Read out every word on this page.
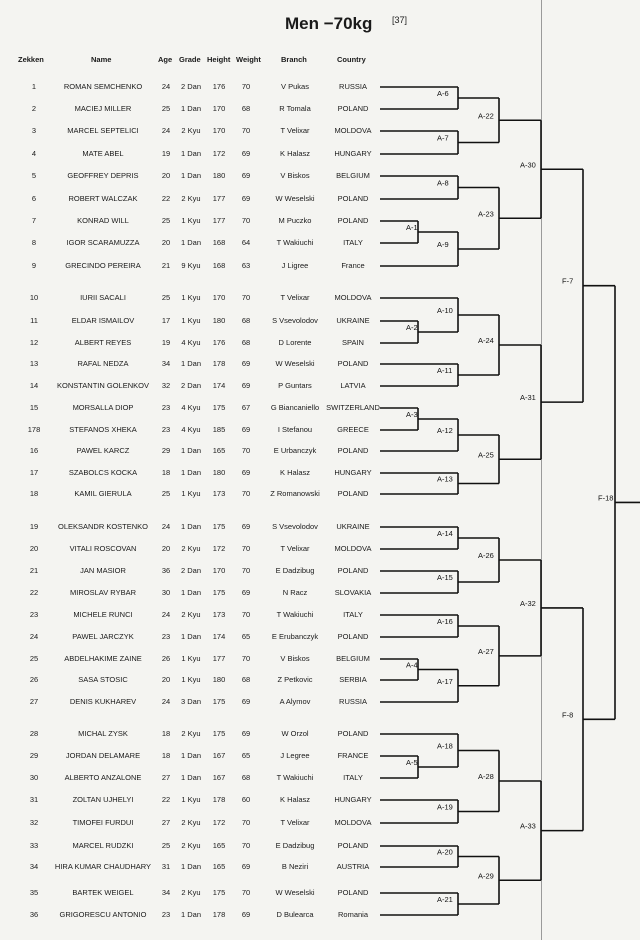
Men −70kg [37]
Zekken	Name	Age Grade Height Weight	Branch	Country
1	ROMAN SEMCHENKO	24	2 Dan	176	70	V Pukas	RUSSIA
2	MACIEJ MILLER	25	1 Dan	170	68	R Tomala	POLAND
3	MARCEL SEPTELICI	24	2 Kyu	170	70	T Velixar	MOLDOVA
4	MATE ABEL	19	1 Dan	172	69	K Halasz	HUNGARY
5	GEOFFREY DEPRIS	20	1 Dan	180	69	V Biskos	BELGIUM
6	ROBERT WALCZAK	22	2 Kyu	177	69	W Weselski	POLAND
7	KONRAD WILL	25	1 Kyu	177	70	M Puczko	POLAND
8	IGOR SCARAMUZZA	20	1 Dan	168	64	T Wakiuchi	ITALY
9	GRECINDO PEREIRA	21	9 Kyu	168	63	J Ligree	France
10	IURII SACALI	25	1 Kyu	170	70	T Velixar	MOLDOVA
11	ELDAR ISMAILOV	17	1 Kyu	180	68	S Vsevolodov	UKRAINE
12	ALBERT REYES	19	4 Kyu	176	68	D Lorente	SPAIN
13	RAFAL NEDZA	34	1 Dan	178	69	W Weselski	POLAND
14	KONSTANTIN GOLENKOV	32	2 Dan	174	69	P Guntars	LATVIA
15	MORSALLA DIOP	23	4 Kyu	175	67	G Biancaniello SWITZERLAND
178	STEFANOS XHEKA	23	4 Kyu	185	69	I Stefanou	GREECE
16	PAWEL KARCZ	29	1 Dan	165	70	E Urbanczyk	POLAND
17	SZABOLCS KOCKA	18	1 Dan	180	69	K Halasz	HUNGARY
18	KAMIL GIERULA	25	1 Kyu	173	70	Z Romanowski	POLAND
19	OLEKSANDR KOSTENKO	24	1 Dan	175	69	S Vsevolodov	UKRAINE
20	VITALI ROSCOVAN	20	2 Kyu	172	70	T Velixar	MOLDOVA
21	JAN MASIOR	36	2 Dan	170	70	E Dadzibug	POLAND
22	MIROSLAV RYBAR	30	1 Dan	175	69	N Racz	SLOVAKIA
23	MICHELE RUNCI	24	2 Kyu	173	70	T Wakiuchi	ITALY
24	PAWEL JARCZYK	23	1 Dan	174	65	E Erubanczyk	POLAND
25	ABDELHAKIME ZAINE	26	1 Kyu	177	70	V Biskos	BELGIUM
26	SASA STOSIC	20	1 Kyu	180	68	Z Petkovic	SERBIA
27	DENIS KUKHAREV	24	3 Dan	175	69	A Alymov	RUSSIA
28	MICHAL ZYSK	18	2 Kyu	175	69	W Orzol	POLAND
29	JORDAN DELAMARE	18	1 Dan	167	65	J Legree	FRANCE
30	ALBERTO ANZALONE	27	1 Dan	167	68	T Wakiuchi	ITALY
31	ZOLTAN UJHELYI	22	1 Kyu	178	60	K Halasz	HUNGARY
32	TIMOFEI FURDUI	27	2 Kyu	172	70	T Velixar	MOLDOVA
33	MARCEL RUDZKI	25	2 Kyu	165	70	E Dadzibug	POLAND
34	HIRA KUMAR CHAUDHARY	31	1 Dan	165	69	B Neziri	AUSTRIA
35	BARTEK WEIGEL	34	2 Kyu	175	70	W Weselski	POLAND
36	GRIGORESCU ANTONIO	23	1 Dan	178	69	D Bulearca	Romania
A-6
A-7
A-22
A-8
A-1
A-9
A-23
A-30
A-2
A-10
A-11
A-24
A-3
A-12
A-13
A-25
A-31
F-7
A-14
A-15
A-26
A-16
A-4
A-17
A-27
A-32
A-5
A-18
A-19
A-28
A-20
A-21
A-29
A-33
F-8
F-18
